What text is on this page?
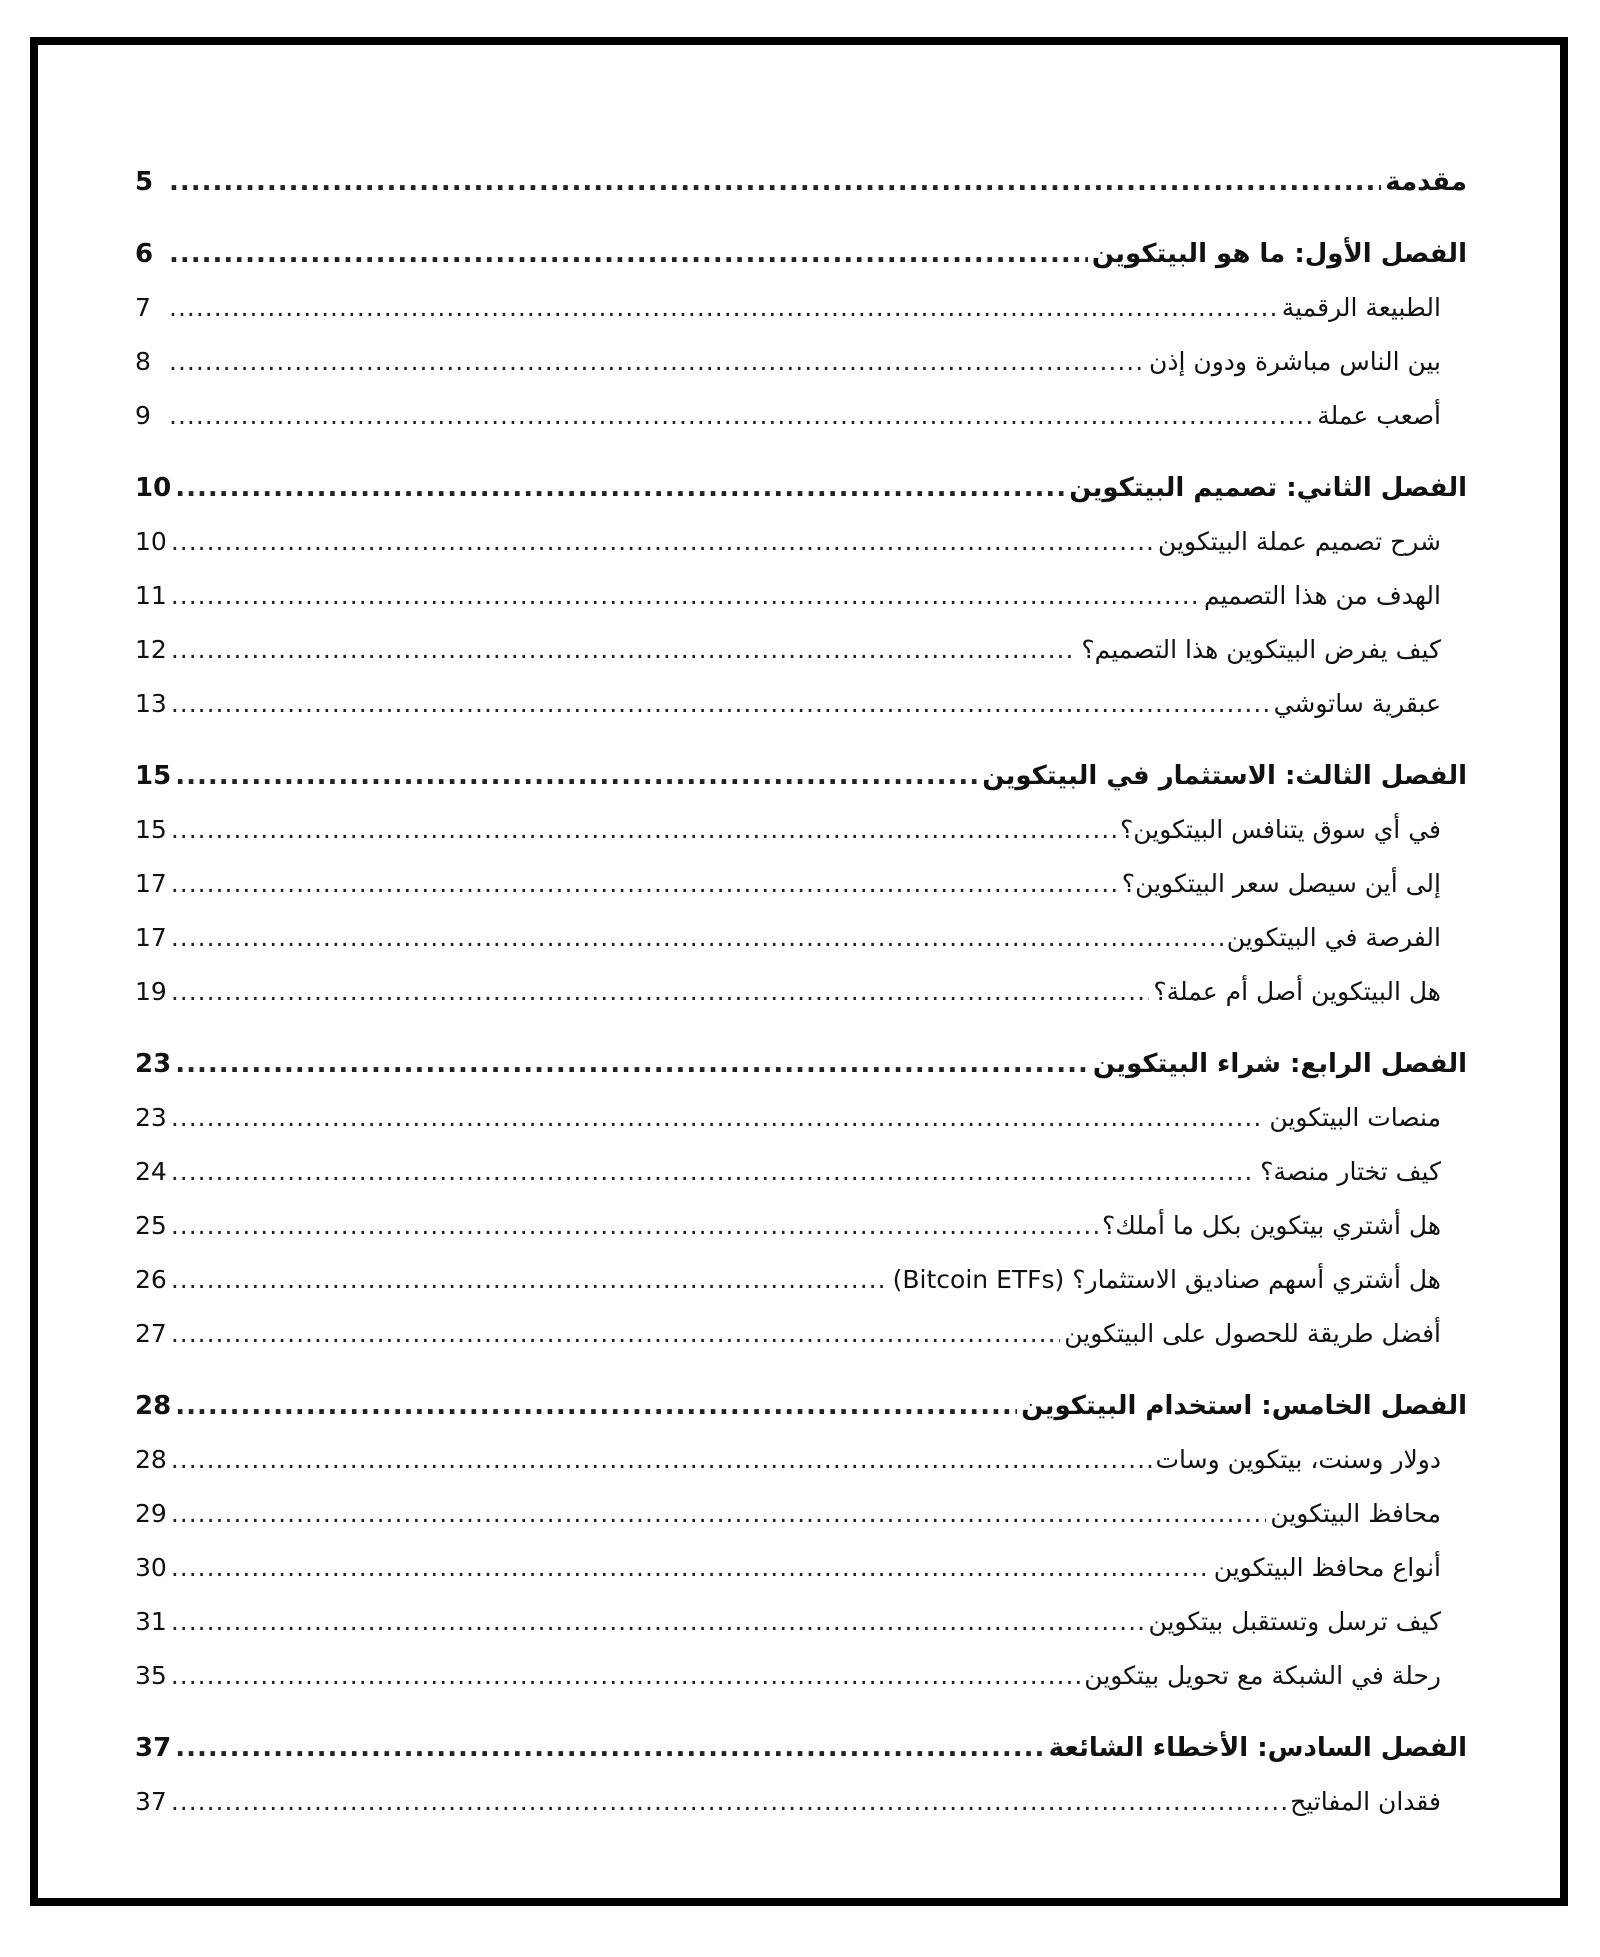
مقدمة
.....
5
الفصل الأول: ما هو البيتكوين
.....
6
الطبيعة الرقمية
.....
7
بين الناس مباشرة ودون إذن
.....
8
أصعب عملة
.....
9
الفصل الثاني: تصميم البيتكوين
.....
10
شرح تصميم عملة البيتكوين
.....
10
الهدف من هذا التصميم
.....
11
كيف يفرض البيتكوين هذا التصميم؟
.....
12
عبقرية ساتوشي
.....
13
الفصل الثالث: الاستثمار في البيتكوين
.....
15
في أي سوق يتنافس البيتكوين؟
.....
15
إلى أين سيصل سعر البيتكوين؟
.....
17
الفرصة في البيتكوين
.....
17
هل البيتكوين أصل أم عملة؟
.....
19
الفصل الرابع: شراء البيتكوين
.....
23
منصات البيتكوين
.....
23
كيف تختار منصة؟
.....
24
هل أشتري بيتكوين بكل ما أملك؟
.....
25
هل أشتري أسهم صناديق الاستثمار؟ (Bitcoin ETFs)
.....
26
أفضل طريقة للحصول على البيتكوين
.....
27
الفصل الخامس: استخدام البيتكوين
.....
28
دولار وسنت، بيتكوين وسات
.....
28
محافظ البيتكوين
.....
29
أنواع محافظ البيتكوين
.....
30
كيف ترسل وتستقبل بيتكوين
.....
31
رحلة في الشبكة مع تحويل بيتكوين
.....
35
الفصل السادس: الأخطاء الشائعة
.....
37
فقدان المفاتيح
.....
37
